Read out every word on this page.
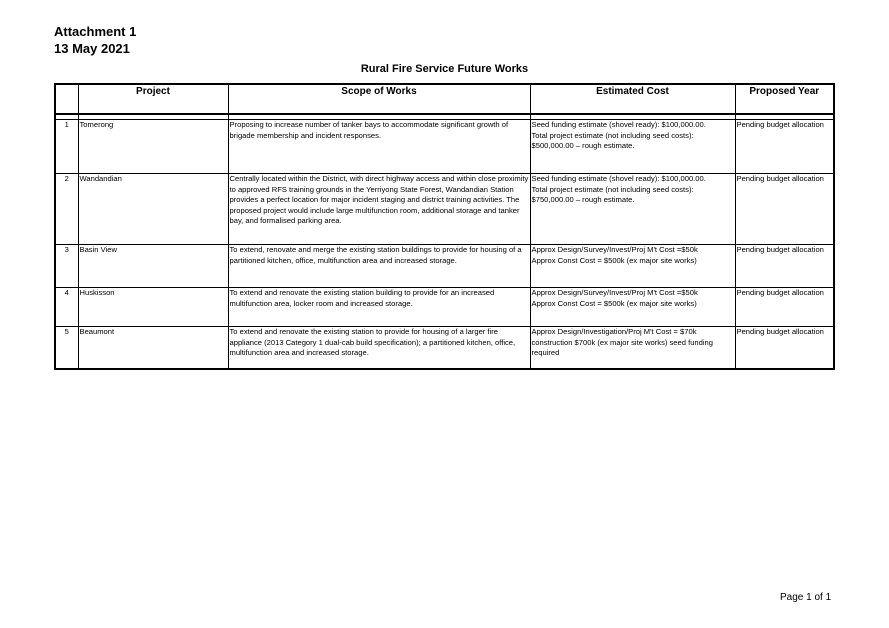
Attachment 1
13 May 2021
Rural Fire Service Future Works
	Project	Scope of Works	Estimated Cost	Proposed Year

1	Tomerong	Proposing to increase number of tanker bays to accommodate significant growth of brigade membership and incident responses.	Seed funding estimate (shovel ready): $100,000.00.
Total project estimate (not including seed costs): $500,000.00 – rough estimate.	Pending budget allocation
2	Wandandian	Centrally located within the District, with direct highway access and within close proximity to approved RFS training grounds in the Yerriyong State Forest, Wandandian Station provides a perfect location for major incident staging and district training activities. The proposed project would include large multifunction room, additional storage and tanker bay, and formalised parking area.	Seed funding estimate (shovel ready): $100,000.00.
Total project estimate (not including seed costs): $750,000.00 – rough estimate.	Pending budget allocation
3	Basin View	To extend, renovate and merge the existing station buildings to provide for housing of a partitioned kitchen, office, multifunction area and increased storage.	Approx Design/Survey/Invest/Proj M't Cost =$50k
Approx Const Cost = $500k (ex major site works)	Pending budget allocation
4	Huskisson	To extend and renovate the existing station building to provide for an increased multifunction area, locker room and increased storage.	Approx Design/Survey/Invest/Proj M't Cost =$50k
Approx Const Cost = $500k (ex major site works)	Pending budget allocation
5	Beaumont	To extend and renovate the existing station to provide for housing of a larger fire appliance (2013 Category 1 dual-cab build specification); a partitioned kitchen, office, multifunction area and increased storage.	Approx Design/Investigation/Proj M't Cost = $70k construction $700k (ex major site works) seed funding required	Pending budget allocation
Page 1 of 1
